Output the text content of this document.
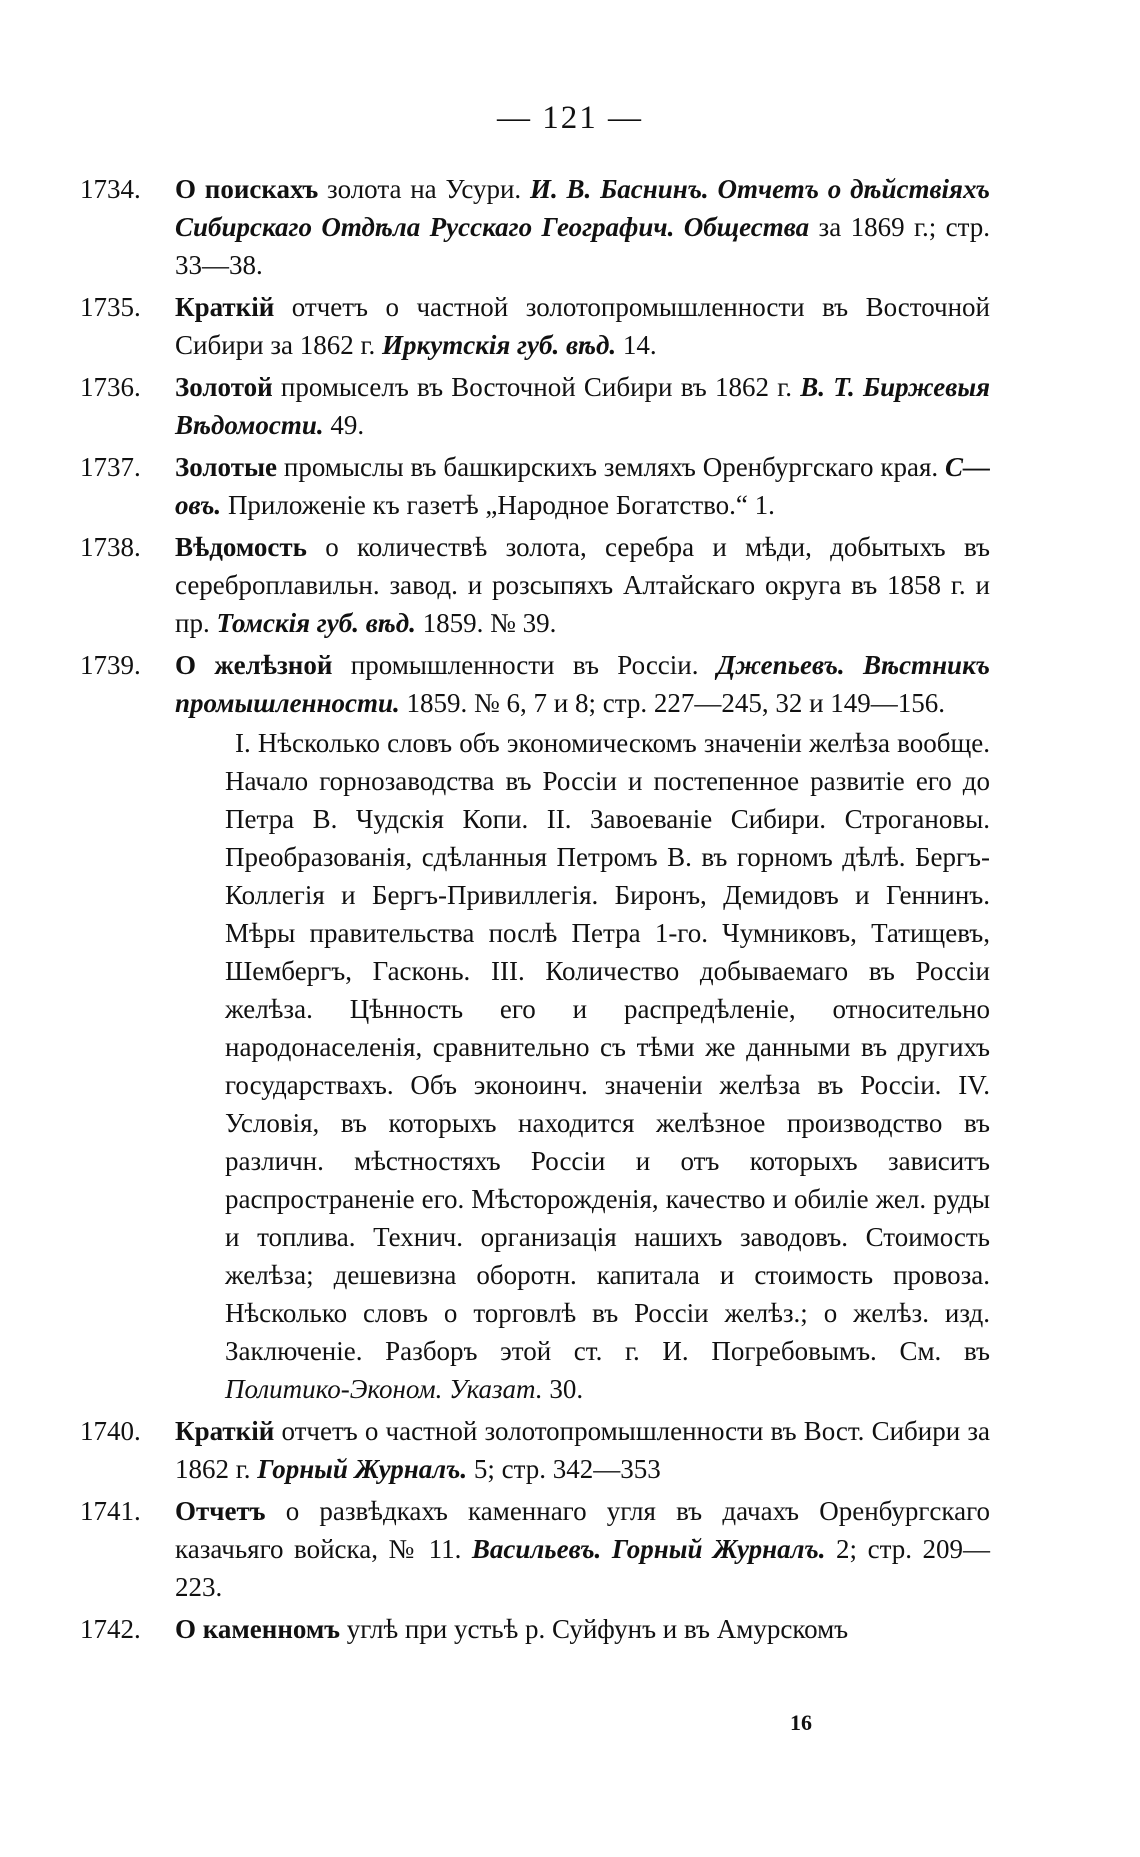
— 121 —
1734.	О поискахъ золота на Усури. И. В. Баснинъ. Отчетъ о дѣйствіяхъ Сибирскаго Отдѣла Русскаго Географич. Общества за 1869 г.; стр. 33—38.
1735.	Краткій отчетъ о частной золотопромышленности въ Восточной Сибири за 1862 г. Иркутскія губ. вѣд. 14.
1736.	Золотой промыселъ въ Восточной Сибири въ 1862 г. В. Т. Биржевыя Вѣдомости. 49.
1737.	Золотые промыслы въ башкирскихъ земляхъ Оренбургскаго края. С—овъ. Приложеніе къ газетѣ „Народное Богатство.“ 1.
1738.	Вѣдомость о количествѣ золота, серебра и мѣди, добытыхъ въ сереброплавильн. завод. и розсыпяхъ Алтайскаго округа въ 1858 г. и пр. Томскія губ. вѣд. 1859. № 39.
1739.	О желѣзной промышленности въ Россіи. Джепьевъ. Вѣстникъ промышленности. 1859. № 6, 7 и 8; стр. 227—245, 32 и 149—156.
I. Нѣсколько словъ объ экономическомъ значеніи желѣза вообще. Начало горнозаводства въ Россіи и постепенное развитіе его до Петра В. Чудскія Копи. II. Завоеваніе Сибири. Строгановы. Преобразованія, сдѣланныя Петромъ В. въ горномъ дѣлѣ. Бергъ-Коллегія и Бергъ-Привиллегія. Бирoнъ, Демидовъ и Геннинъ. Мѣры правительства послѣ Петра 1-го. Чумниковъ, Татищевъ, Шембергъ, Гасконь. III. Количество добываемаго въ Россіи желѣза. Цѣнность его и распредѣленіе, относительно народонаселенія, сравнительно съ тѣми же данными въ другихъ государствахъ. Объ эконоинч. значеніи желѣза въ Россіи. IV. Условія, въ которыхъ находится желѣзное производство въ различн. мѣстностяхъ Россіи и отъ которыхъ зависитъ распространеніе его. Мѣсторожденія, качество и обиліе жел. руды и топлива. Технич. организація нашихъ заводовъ. Стоимость желѣза; дешевизна оборотн. капитала и стоимость провоза. Нѣсколько словъ о торговлѣ въ Россіи желѣз.; о желѣз. изд. Заключеніе. Разборъ этой ст. г. И. Погребовымъ. См. въ Политико-Эконом. Указат. 30.
1740.	Краткій отчетъ о частной золотопромышленности въ Вост. Сибири за 1862 г. Горный Журналъ. 5; стр. 342—353
1741.	Отчетъ о развѣдкахъ каменнаго угля въ дачахъ Оренбургскаго казачьяго войска, № 11. Васильевъ. Горный Журналъ. 2; стр. 209—223.
1742.	О каменномъ углѣ при устьѣ р. Суйфунъ и въ Амурскомъ
16
